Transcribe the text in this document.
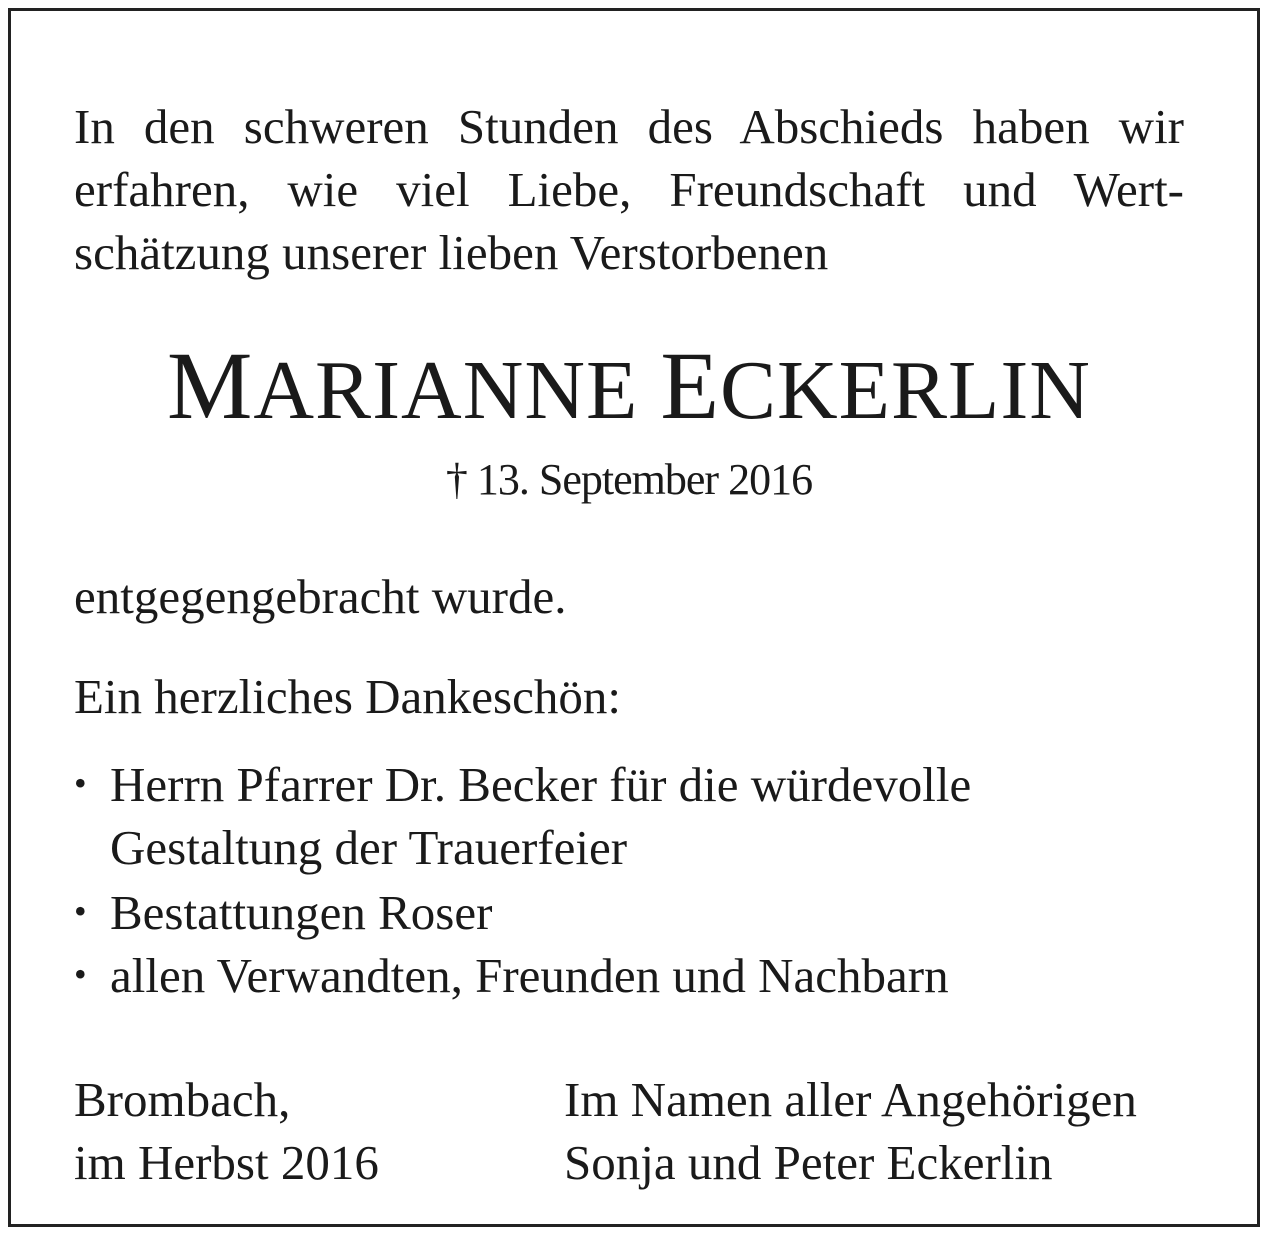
In den schweren Stunden des Abschieds haben wir
erfahren, wie viel Liebe, Freundschaft und Wert-
schätzung unserer lieben Verstorbenen
MARIANNE ECKERLIN
† 13. September 2016
entgegengebracht wurde.
Ein herzliches Dankeschön:
• Herrn Pfarrer Dr. Becker für die würdevolle
Gestaltung der Trauerfeier
• Bestattungen Roser
• allen Verwandten, Freunden und Nachbarn
Brombach,
im Herbst 2016
Im Namen aller Angehörigen
Sonja und Peter Eckerlin
